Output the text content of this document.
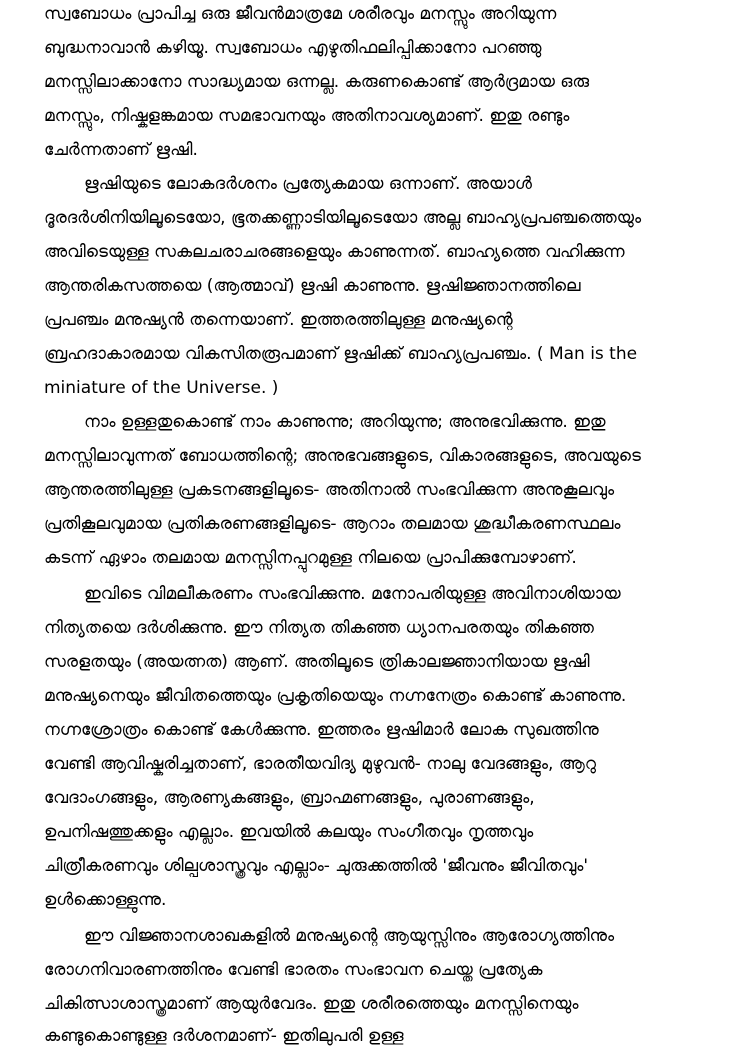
സ്വബോധം പ്രാപിച്ച ഒരു ജീവൻമാത്രമേ ശരീരവും മനസ്സും അറിയുന്ന
ബുദ്ധനാവാൻ കഴിയൂ. സ്വബോധം എഴുതിഫലിപ്പിക്കാനോ പറഞ്ഞു
മനസ്സിലാക്കാനോ സാദ്ധ്യമായ ഒന്നല്ല. കരുണകൊണ്ട് ആർദ്രമായ ഒരു
മനസ്സും, നിഷ്കളങ്കമായ സമഭാവനയും അതിനാവശ്യമാണ്. ഇതു രണ്ടും
ചേർന്നതാണ് ഋഷി.
ഋഷിയുടെ ലോകദർശനം പ്രത്യേകമായ ഒന്നാണ്. അയാൾ
ദൂരദർശിനിയിലൂടെയോ, ഭൂതക്കണ്ണാടിയിലൂടെയോ അല്ല ബാഹ്യപ്രപഞ്ചത്തെയും
അവിടെയുള്ള സകലചരാചരങ്ങളെയും കാണുന്നത്. ബാഹ്യത്തെ വഹിക്കുന്ന
ആന്തരികസത്തയെ (ആത്മാവ്) ഋഷി കാണുന്നു. ഋഷിജ്ഞാനത്തിലെ
പ്രപഞ്ചം മനുഷ്യൻ തന്നെയാണ്. ഇത്തരത്തിലുള്ള മനുഷ്യന്റെ
ബ്രഹദാകാരമായ വികസിതരൂപമാണ് ഋഷിക്ക് ബാഹ്യപ്രപഞ്ചം. ( Man is the
miniature of the Universe. )
നാം ഉള്ളതുകൊണ്ട് നാം കാണുന്നു; അറിയുന്നു; അനുഭവിക്കുന്നു. ഇതു
മനസ്സിലാവുന്നത് ബോധത്തിന്റെ; അനുഭവങ്ങളുടെ, വികാരങ്ങളുടെ, അവയുടെ
ആന്തരത്തിലുള്ള പ്രകടനങ്ങളിലൂടെ- അതിനാൽ സംഭവിക്കുന്ന അനുകൂലവും
പ്രതികൂലവുമായ പ്രതികരണങ്ങളിലൂടെ- ആറാം തലമായ ശുദ്ധീകരണസ്ഥലം
കടന്ന് ഏഴാം തലമായ മനസ്സിനപ്പുറമുള്ള നിലയെ പ്രാപിക്കുമ്പോഴാണ്.
ഇവിടെ വിമലീകരണം സംഭവിക്കുന്നു. മനോപരിയുള്ള അവിനാശിയായ
നിത്യതയെ ദർശിക്കുന്നു. ഈ നിത്യത തികഞ്ഞ ധ്യാനപരതയും തികഞ്ഞ
സരളതയും (അയത്നത) ആണ്. അതിലൂടെ ത്രികാലജ്ഞാനിയായ ഋഷി
മനുഷ്യനെയും ജീവിതത്തെയും പ്രകൃതിയെയും നഗ്നനേത്രം കൊണ്ട് കാണുന്നു.
നഗ്നശ്രോത്രം കൊണ്ട് കേൾക്കുന്നു. ഇത്തരം ഋഷിമാർ ലോക സുഖത്തിനു
വേണ്ടി ആവിഷ്കരിച്ചതാണ്, ഭാരതീയവിദ്യ മുഴുവൻ- നാലു വേദങ്ങളും, ആറു
വേദാംഗങ്ങളും, ആരണ്യകങ്ങളും, ബ്രാഹ്മണങ്ങളും, പുരാണങ്ങളും,
ഉപനിഷത്തുക്കളും എല്ലാം. ഇവയിൽ കലയും സംഗീതവും നൃത്തവും
ചിത്രീകരണവും ശില്പശാസ്ത്രവും എല്ലാം- ചുരുക്കത്തിൽ 'ജീവനും ജീവിതവും'
ഉൾക്കൊള്ളുന്നു.
ഈ വിജ്ഞാനശാഖകളിൽ മനുഷ്യന്റെ ആയുസ്സിനും ആരോഗ്യത്തിനും
രോഗനിവാരണത്തിനും വേണ്ടി ഭാരതം സംഭാവന ചെയ്ത പ്രത്യേക
ചികിത്സാശാസ്ത്രമാണ് ആയുർവേദം. ഇതു ശരീരത്തെയും മനസ്സിനെയും
കണ്ടുകൊണ്ടുള്ള ദർശനമാണ്- ഇതിലുപരി ഉള്ള
